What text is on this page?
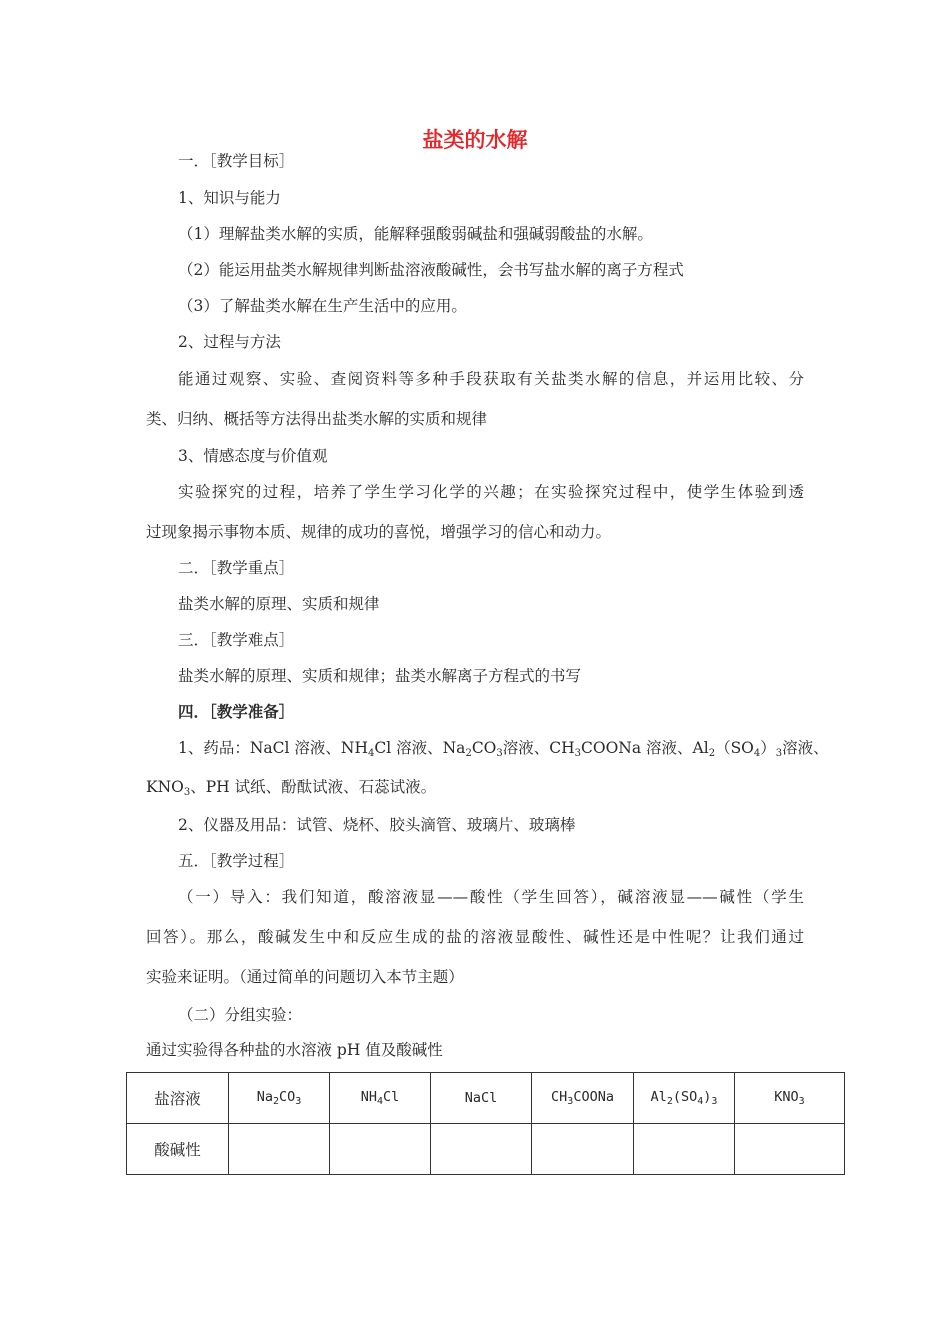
盐类的水解
一．［教学目标］
1、知识与能力
（1）理解盐类水解的实质，能解释强酸弱碱盐和强碱弱酸盐的水解。
（2）能运用盐类水解规律判断盐溶液酸碱性，会书写盐水解的离子方程式
（3）了解盐类水解在生产生活中的应用。
2、过程与方法
能通过观察、实验、查阅资料等多种手段获取有关盐类水解的信息，并运用比较、分
类、归纳、概括等方法得出盐类水解的实质和规律
3、情感态度与价值观
实验探究的过程，培养了学生学习化学的兴趣；在实验探究过程中，使学生体验到透
过现象揭示事物本质、规律的成功的喜悦，增强学习的信心和动力。
二．［教学重点］
盐类水解的原理、实质和规律
三．［教学难点］
盐类水解的原理、实质和规律；盐类水解离子方程式的书写
四．［教学准备］
1、药品：NaCl 溶液、$NH_4Cl$ 溶液、$Na_2CO_3$溶液、$CH_3COONa$ 溶液、$Al_2(SO_4)_3$溶液、
$KNO_3$、PH 试纸、酚酞试液、石蕊试液。
2、仪器及用品：试管、烧杯、胶头滴管、玻璃片、玻璃棒
五．［教学过程］
（一）导入：我们知道，酸溶液显——酸性（学生回答），碱溶液显——碱性（学生
回答）。那么，酸碱发生中和反应生成的盐的溶液显酸性、碱性还是中性呢？让我们通过
实验来证明。（通过简单的问题切入本节主题）
（二）分组实验：
通过实验得各种盐的水溶液 pH 值及酸碱性
盐溶液	$Na_2CO_3$	$NH_4Cl$	NaCl	$CH_3COONa$	$Al_2(SO_4)_3$	$KNO_3$
酸碱性						
